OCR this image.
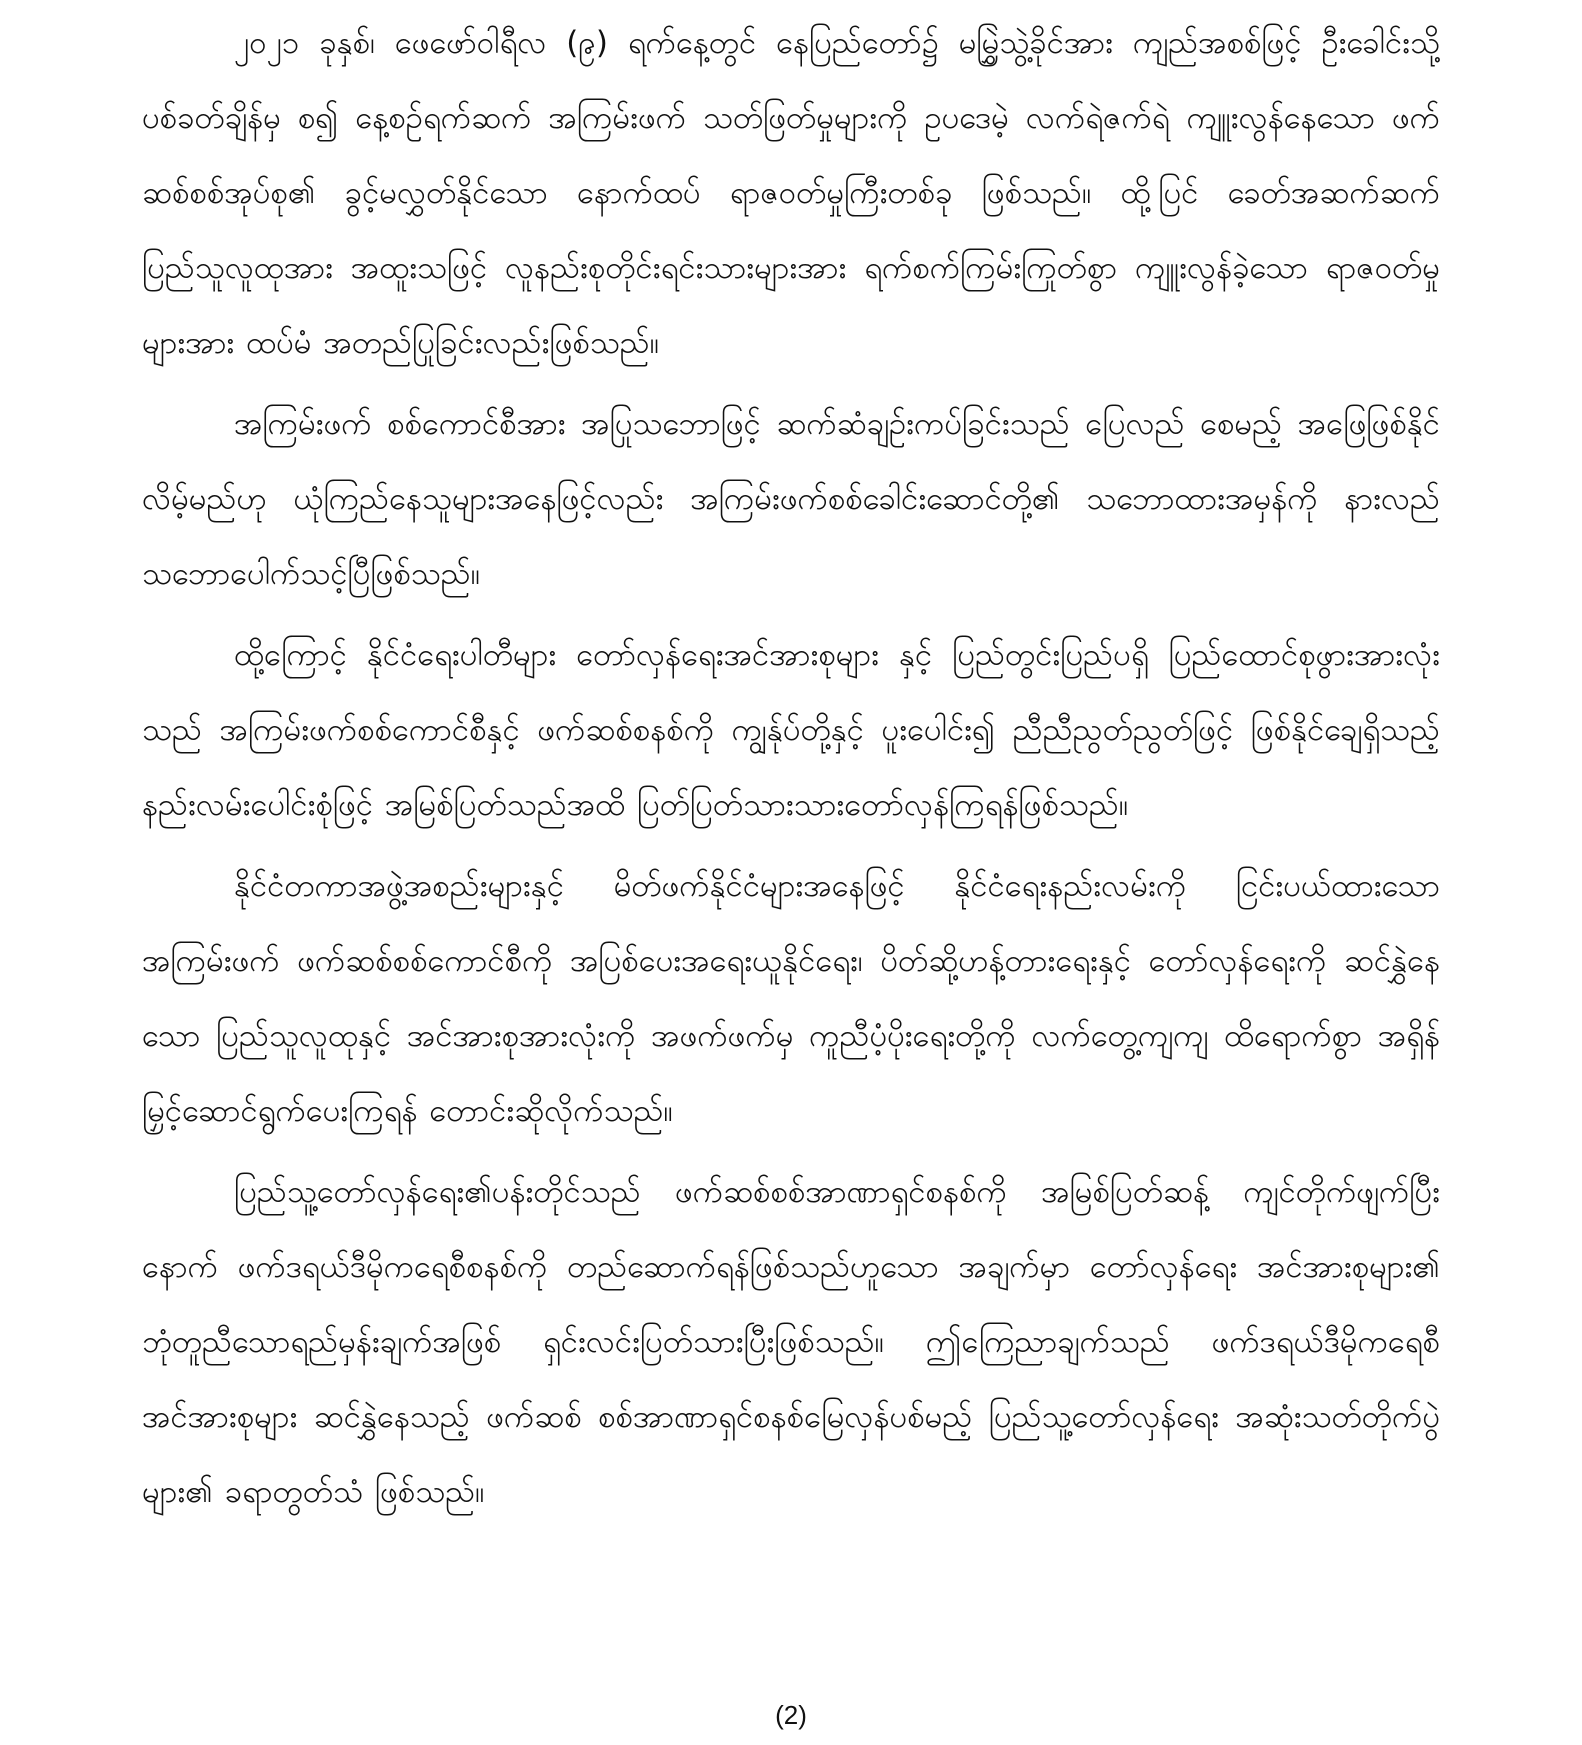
၂၀၂၁ ခုနှစ်၊ ဖေဖော်ဝါရီလ (၉) ရက်နေ့တွင် နေပြည်တော်၌ မမြွှဲသွဲ့ခိုင်အား ကျည်အစစ်ဖြင့် ဦးခေါင်းသို့ ပစ်ခတ်ချိန်မှ စ၍ နေ့စဉ်ရက်ဆက် အကြမ်းဖက် သတ်ဖြတ်မှုများကို ဥပဒေမဲ့ လက်ရဲဇက်ရဲ ကျူးလွန်နေသော ဖက်ဆစ်စစ်အုပ်စု၏ ခွင့်မလွှတ်နိုင်သော နောက်ထပ် ရာဇဝတ်မှုကြီးတစ်ခု ဖြစ်သည်။ ထို့ပြင် ခေတ်အဆက်ဆက် ပြည်သူလူထုအား အထူးသဖြင့် လူနည်းစုတိုင်းရင်းသားများအား ရက်စက်ကြမ်းကြုတ်စွာ ကျူးလွန်ခဲ့သော ရာဇဝတ်မှုများအား ထပ်မံ အတည်ပြုခြင်းလည်းဖြစ်သည်။

အကြမ်းဖက် စစ်ကောင်စီအား အပြုသဘောဖြင့် ဆက်ဆံချဉ်းကပ်ခြင်းသည် ပြေလည် စေမည့် အဖြေဖြစ်နိုင်လိမ့်မည်ဟု ယုံကြည်နေသူများအနေဖြင့်လည်း အကြမ်းဖက်စစ်ခေါင်းဆောင်တို့၏ သဘောထားအမှန်ကို နားလည်သဘောပေါက်သင့်ပြီဖြစ်သည်။

ထို့ကြောင့် နိုင်ငံရေးပါတီများ တော်လှန်ရေးအင်အားစုများ နှင့် ပြည်တွင်းပြည်ပရှိ ပြည်ထောင်စုဖွားအားလုံးသည် အကြမ်းဖက်စစ်ကောင်စီနှင့် ဖက်ဆစ်စနစ်ကို ကျွန်ုပ်တို့နှင့် ပူးပေါင်း၍ ညီညီညွတ်ညွတ်ဖြင့် ဖြစ်နိုင်ချေရှိသည့် နည်းလမ်းပေါင်းစုံဖြင့် အမြစ်ပြတ်သည်အထိ ပြတ်ပြတ်သားသားတော်လှန်ကြရန်ဖြစ်သည်။

နိုင်ငံတကာအဖွဲ့အစည်းများနှင့် မိတ်ဖက်နိုင်ငံများအနေဖြင့် နိုင်ငံရေးနည်းလမ်းကို ငြင်းပယ်ထားသော အကြမ်းဖက် ဖက်ဆစ်စစ်ကောင်စီကို အပြစ်ပေးအရေးယူနိုင်ရေး၊ ပိတ်ဆို့ဟန့်တားရေးနှင့် တော်လှန်ရေးကို ဆင်နွှဲနေသော ပြည်သူလူထုနှင့် အင်အားစုအားလုံးကို အဖက်ဖက်မှ ကူညီပံ့ပိုးရေးတို့ကို လက်တွေ့ကျကျ ထိရောက်စွာ အရှိန်မြှင့်ဆောင်ရွက်ပေးကြရန် တောင်းဆိုလိုက်သည်။

ပြည်သူ့တော်လှန်ရေး၏ပန်းတိုင်သည် ဖက်ဆစ်စစ်အာဏာရှင်စနစ်ကို အမြစ်ပြတ်ဆန့် ကျင်တိုက်ဖျက်ပြီးနောက် ဖက်ဒရယ်ဒီမိုကရေစီစနစ်ကို တည်ဆောက်ရန်ဖြစ်သည်ဟူသော အချက်မှာ တော်လှန်ရေး အင်အားစုများ၏ ဘုံတူညီသောရည်မှန်းချက်အဖြစ် ရှင်းလင်းပြတ်သားပြီးဖြစ်သည်။ ဤကြေညာချက်သည် ဖက်ဒရယ်ဒီမိုကရေစီအင်အားစုများ ဆင်နွှဲနေသည့် ဖက်ဆစ် စစ်အာဏာရှင်စနစ်မြေလှန်ပစ်မည့် ပြည်သူ့တော်လှန်ရေး အဆုံးသတ်တိုက်ပွဲများ၏ ခရာတွတ်သံ ဖြစ်သည်။

(2)
